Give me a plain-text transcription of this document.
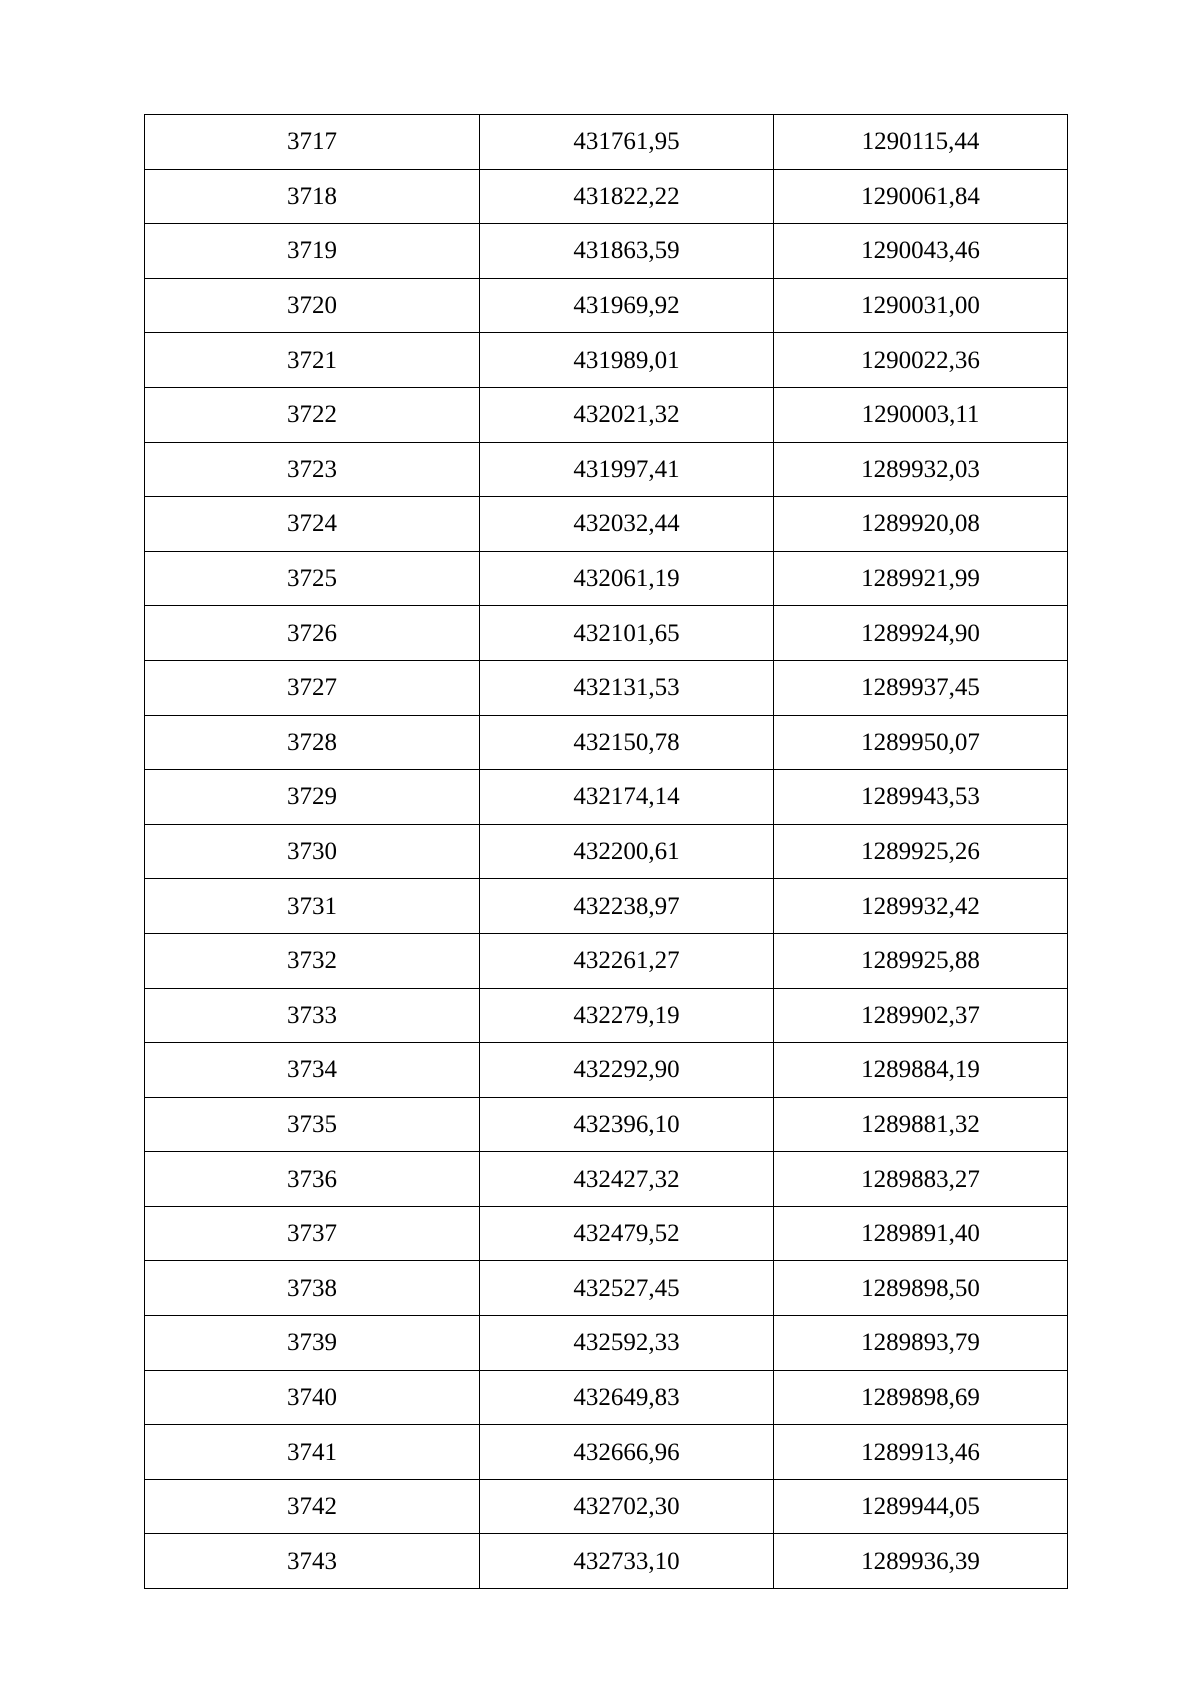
3717	431761,95	1290115,44
3718	431822,22	1290061,84
3719	431863,59	1290043,46
3720	431969,92	1290031,00
3721	431989,01	1290022,36
3722	432021,32	1290003,11
3723	431997,41	1289932,03
3724	432032,44	1289920,08
3725	432061,19	1289921,99
3726	432101,65	1289924,90
3727	432131,53	1289937,45
3728	432150,78	1289950,07
3729	432174,14	1289943,53
3730	432200,61	1289925,26
3731	432238,97	1289932,42
3732	432261,27	1289925,88
3733	432279,19	1289902,37
3734	432292,90	1289884,19
3735	432396,10	1289881,32
3736	432427,32	1289883,27
3737	432479,52	1289891,40
3738	432527,45	1289898,50
3739	432592,33	1289893,79
3740	432649,83	1289898,69
3741	432666,96	1289913,46
3742	432702,30	1289944,05
3743	432733,10	1289936,39
